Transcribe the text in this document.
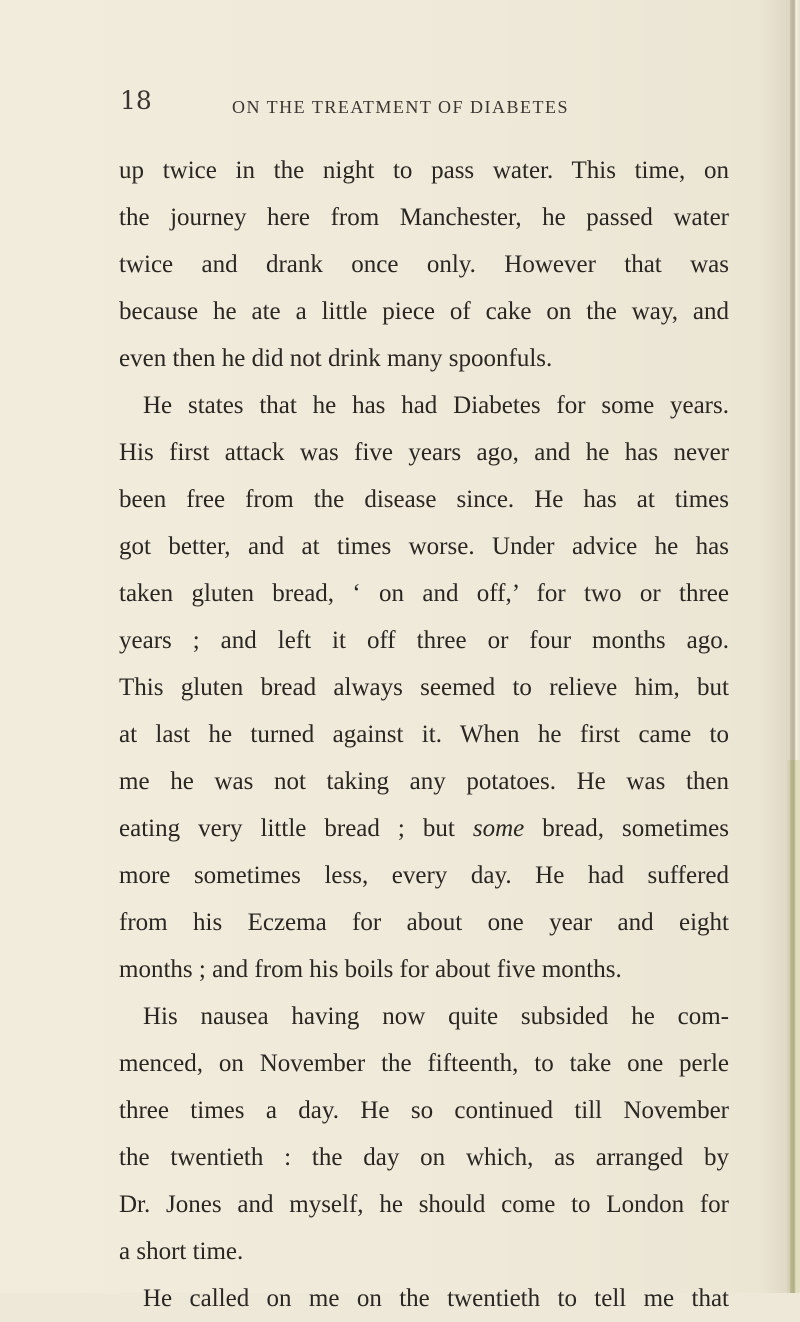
18	ON THE TREATMENT OF DIABETES
up twice in the night to pass water. This time, on
the journey here from Manchester, he passed water
twice and drank once only. However that was
because he ate a little piece of cake on the way, and
even then he did not drink many spoonfuls.
He states that he has had Diabetes for some years.
His first attack was five years ago, and he has never
been free from the disease since. He has at times
got better, and at times worse. Under advice he has
taken gluten bread, ‘ on and off,’ for two or three
years ; and left it off three or four months ago.
This gluten bread always seemed to relieve him, but
at last he turned against it. When he first came to
me he was not taking any potatoes. He was then
eating very little bread ; but some bread, sometimes
more sometimes less, every day. He had suffered
from his Eczema for about one year and eight
months ; and from his boils for about five months.
His nausea having now quite subsided he com-
menced, on November the fifteenth, to take one perle
three times a day. He so continued till November
the twentieth : the day on which, as arranged by
Dr. Jones and myself, he should come to London for
a short time.
He called on me on the twentieth to tell me that
